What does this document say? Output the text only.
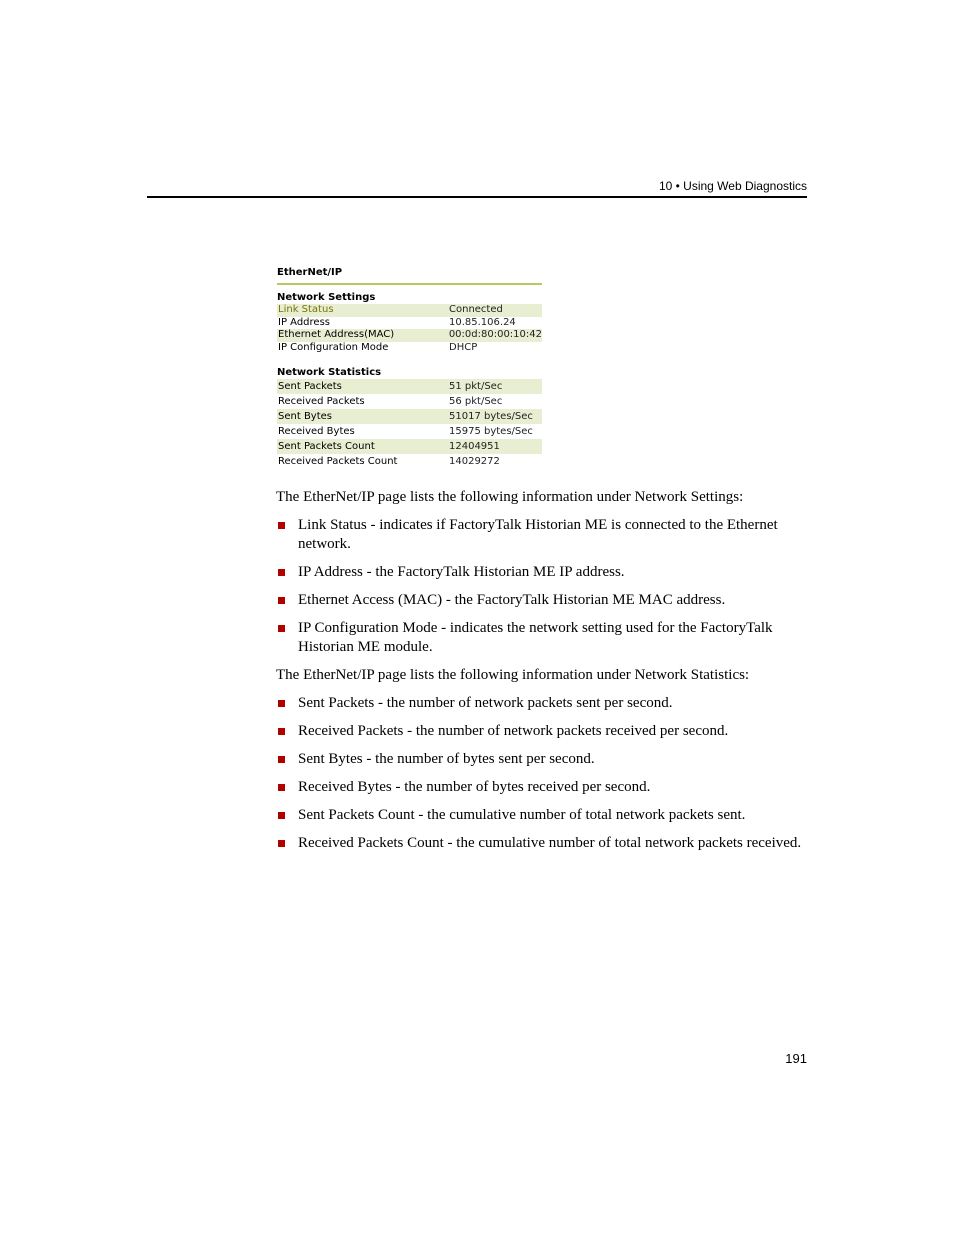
10 • Using Web Diagnostics
EtherNet/IP
Network Settings
Link Status	Connected
IP Address	10.85.106.24
Ethernet Address(MAC)	00:0d:80:00:10:42
IP Configuration Mode	DHCP
Network Statistics
Sent Packets	51 pkt/Sec
Received Packets	56 pkt/Sec
Sent Bytes	51017 bytes/Sec
Received Bytes	15975 bytes/Sec
Sent Packets Count	12404951
Received Packets Count	14029272

The EtherNet/IP page lists the following information under Network Settings:

Link Status - indicates if FactoryTalk Historian ME is connected to the Ethernet network.
IP Address - the FactoryTalk Historian ME IP address.
Ethernet Access (MAC) - the FactoryTalk Historian ME MAC address.
IP Configuration Mode - indicates the network setting used for the FactoryTalk Historian ME module.

The EtherNet/IP page lists the following information under Network Statistics:

Sent Packets - the number of network packets sent per second.
Received Packets - the number of network packets received per second.
Sent Bytes - the number of bytes sent per second.
Received Bytes - the number of bytes received per second.
Sent Packets Count - the cumulative number of total network packets sent.
Received Packets Count - the cumulative number of total network packets received.
191
